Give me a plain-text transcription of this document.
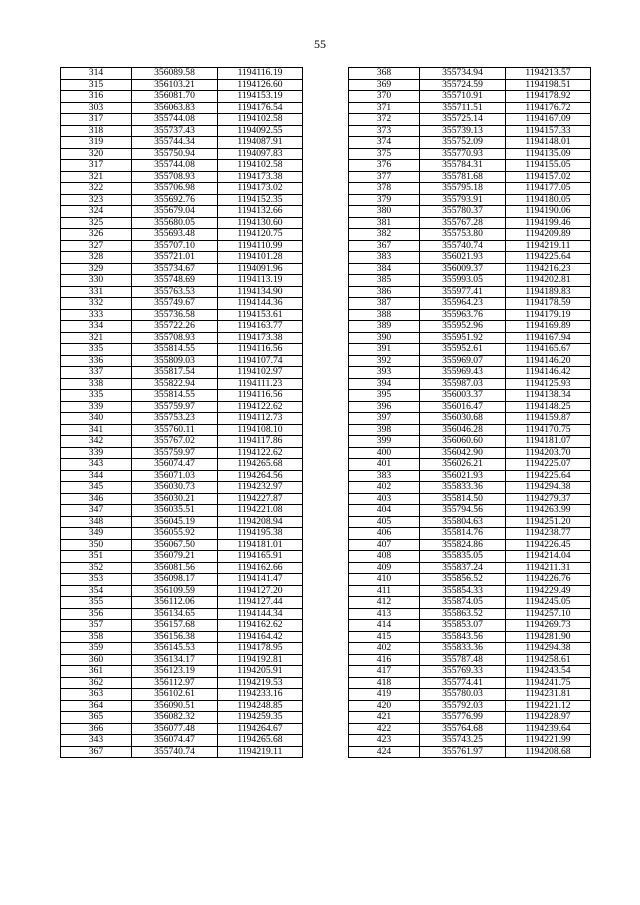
55
314	356089.58	1194116.19
315	356103.21	1194126.60
316	356081.70	1194153.19
303	356063.83	1194176.54
317	355744.08	1194102.58
318	355737.43	1194092.55
319	355744.34	1194087.91
320	355750.94	1194097.83
317	355744.08	1194102.58
321	355708.93	1194173.38
322	355706.98	1194173.02
323	355692.76	1194152.35
324	355679.04	1194132.66
325	355680.05	1194130.60
326	355693.48	1194120.75
327	355707.10	1194110.99
328	355721.01	1194101.28
329	355734.67	1194091.96
330	355748.69	1194113.19
331	355763.53	1194134.90
332	355749.67	1194144.36
333	355736.58	1194153.61
334	355722.26	1194163.77
321	355708.93	1194173.38
335	355814.55	1194116.56
336	355809.03	1194107.74
337	355817.54	1194102.97
338	355822.94	1194111.23
335	355814.55	1194116.56
339	355759.97	1194122.62
340	355753.23	1194112.73
341	355760.11	1194108.10
342	355767.02	1194117.86
339	355759.97	1194122.62
343	356074.47	1194265.68
344	356071.03	1194264.56
345	356030.73	1194232.97
346	356030.21	1194227.87
347	356035.51	1194221.08
348	356045.19	1194208.94
349	356055.92	1194195.38
350	356067.50	1194181.01
351	356079.21	1194165.91
352	356081.56	1194162.66
353	356098.17	1194141.47
354	356109.59	1194127.20
355	356112.06	1194127.44
356	356134.65	1194144.34
357	356157.68	1194162.62
358	356156.38	1194164.42
359	356145.53	1194178.95
360	356134.17	1194192.81
361	356123.19	1194205.91
362	356112.97	1194219.53
363	356102.61	1194233.16
364	356090.51	1194248.85
365	356082.32	1194259.35
366	356077.48	1194264.67
343	356074.47	1194265.68
367	355740.74	1194219.11
368	355734.94	1194213.57
369	355724.59	1194198.51
370	355710.91	1194178.92
371	355711.51	1194176.72
372	355725.14	1194167.09
373	355739.13	1194157.33
374	355752.09	1194148.01
375	355770.93	1194135.09
376	355784.31	1194155.05
377	355781.68	1194157.02
378	355795.18	1194177.05
379	355793.91	1194180.05
380	355780.37	1194190.06
381	355767.28	1194199.46
382	355753.80	1194209.89
367	355740.74	1194219.11
383	356021.93	1194225.64
384	356009.37	1194216.23
385	355993.05	1194202.81
386	355977.41	1194189.83
387	355964.23	1194178.59
388	355963.76	1194179.19
389	355952.96	1194169.89
390	355951.92	1194167.94
391	355952.61	1194165.67
392	355969.07	1194146.20
393	355969.43	1194146.42
394	355987.03	1194125.93
395	356003.37	1194138.34
396	356016.47	1194148.25
397	356030.68	1194159.87
398	356046.28	1194170.75
399	356060.60	1194181.07
400	356042.90	1194203.70
401	356026.21	1194225.07
383	356021.93	1194225.64
402	355833.36	1194294.38
403	355814.50	1194279.37
404	355794.56	1194263.99
405	355804.63	1194251.20
406	355814.76	1194238.77
407	355824.86	1194226.45
408	355835.05	1194214.04
409	355837.24	1194211.31
410	355856.52	1194226.76
411	355854.33	1194229.49
412	355874.05	1194245.05
413	355863.52	1194257.10
414	355853.07	1194269.73
415	355843.56	1194281.90
402	355833.36	1194294.38
416	355787.48	1194258.61
417	355769.33	1194243.54
418	355774.41	1194241.75
419	355780.03	1194231.81
420	355792.03	1194221.12
421	355776.99	1194228.97
422	355764.68	1194239.64
423	355743.25	1194221.99
424	355761.97	1194208.68
